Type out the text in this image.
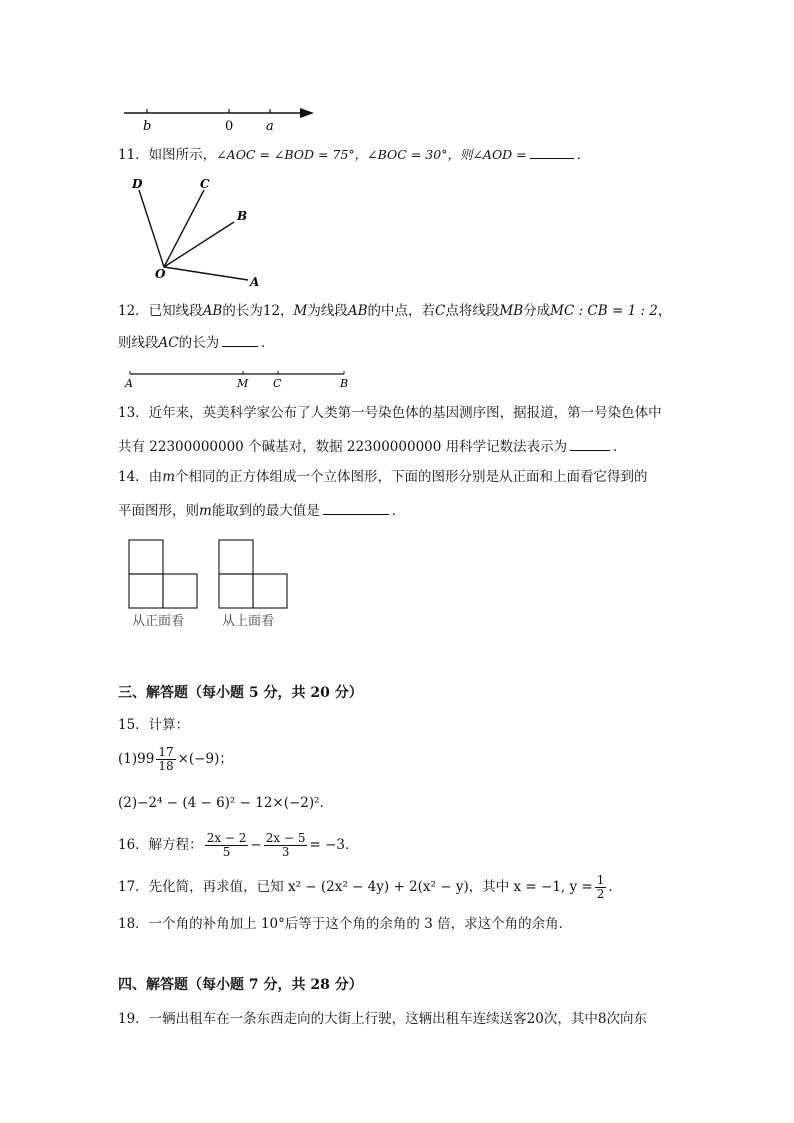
b	0	a
11．如图所示，∠AOC = ∠BOD = 75°，∠BOC = 30°，则∠AOD =	．
D	C
B
O
A
12．已知线段AB的长为12，M为线段AB的中点，若C点将线段MB分成MC : CB = 1 : 2，
则线段AC的长为	．
A	M C	B
13．近年来，英美科学家公布了人类第一号染色体的基因测序图，据报道，第一号染色体中
共有 22300000000 个碱基对，数据 22300000000 用科学记数法表示为	．
14．由m个相同的正方体组成一个立体图形，下面的图形分别是从正面和上面看它得到的
平面图形，则m能取到的最大值是	．
从正面看	从上面看
三、解答题（每小题 5 分，共 20 分）
15．计算：
$(1)99 \frac{17}{18} \times(-9)$；
(2)−2⁴ − (4 − 6)² − 12×(−2)²．
16．解方程： $\frac{2x - 2}{5} - \frac{2x - 5}{3} = -3$．
17．先化简，再求值，已知 x² − (2x² − 4y) + 2(x² − y)，其中 x = −1, $y = \frac{1}{2}$ ．
18．一个角的补角加上 10°后等于这个角的余角的 3 倍，求这个角的余角．
四、解答题（每小题 7 分，共 28 分）
19．一辆出租车在一条东西走向的大街上行驶，这辆出租车连续送客20次，其中8次向东
